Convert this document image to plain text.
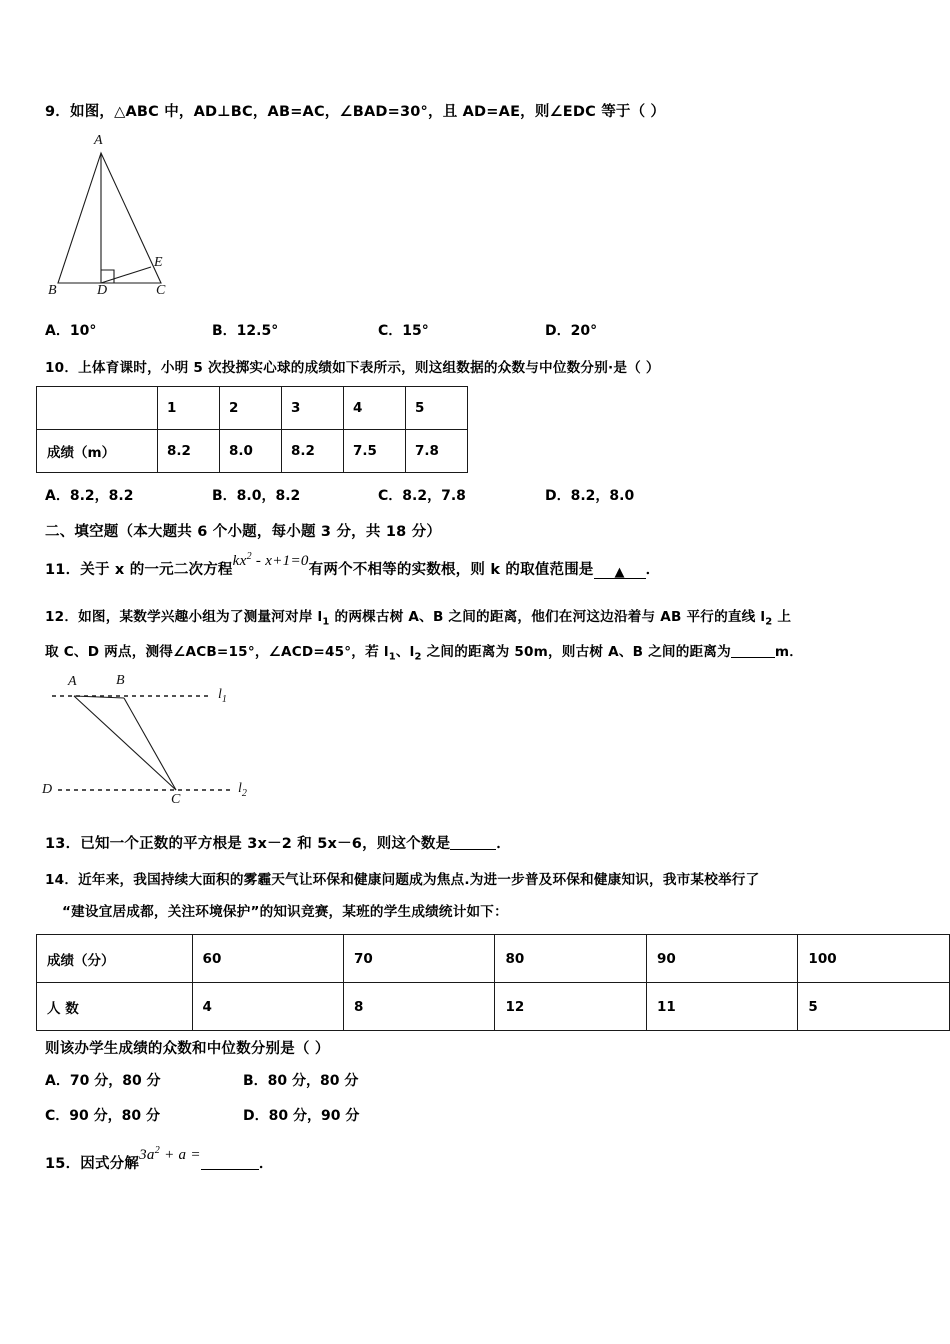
9．如图，△ABC 中，AD⊥BC，AB=AC，∠BAD=30°，且 AD=AE，则∠EDC 等于（ ）
A
B	C
D
E
A．10°	B．12.5°	C．15°	D．20°
10．上体育课时，小明 5 次投掷实心球的成绩如下表所示，则这组数据的众数与中位数分别·是（ ）
	1	2	3	4	5
成绩（m）	8.2	8.0	8.2	7.5	7.8
A．8.2，8.2	B．8.0，8.2	C．8.2，7.8	D．8.2，8.0
二、填空题（本大题共 6 个小题，每小题 3 分，共 18 分）
11．关于 x 的一元二次方程$kx^2 - x+1=0$有两个不相等的实数根，则 k 的取值范围是 ▲ ．
12．如图，某数学兴趣小组为了测量河对岸 $l_1$ 的两棵古树 A、B 之间的距离，他们在河这边沿着与 AB 平行的直线 $l_2$ 上
取 C、D 两点，测得∠ACB=15°，∠ACD=45°，若 $l_1$、$l_2$ 之间的距离为 50m，则古树 A、B 之间的距离为	m．
A	B
C
D
$l_1$
$l_2$
13．已知一个正数的平方根是 3x－2 和 5x－6，则这个数是	．
14．近年来，我国持续大面积的雾霾天气让环保和健康问题成为焦点.为进一步普及环保和健康知识，我市某校举行了
“建设宜居成都，关注环境保护”的知识竞赛，某班的学生成绩统计如下：
成绩（分）	60	70	80	90	100
人 数	4	8	12	11	5
则该办学生成绩的众数和中位数分别是（ ）
A．70 分，80 分	B．80 分，80 分
C．90 分，80 分	D．80 分，90 分
15．因式分解$3a^2 + a$ =．
